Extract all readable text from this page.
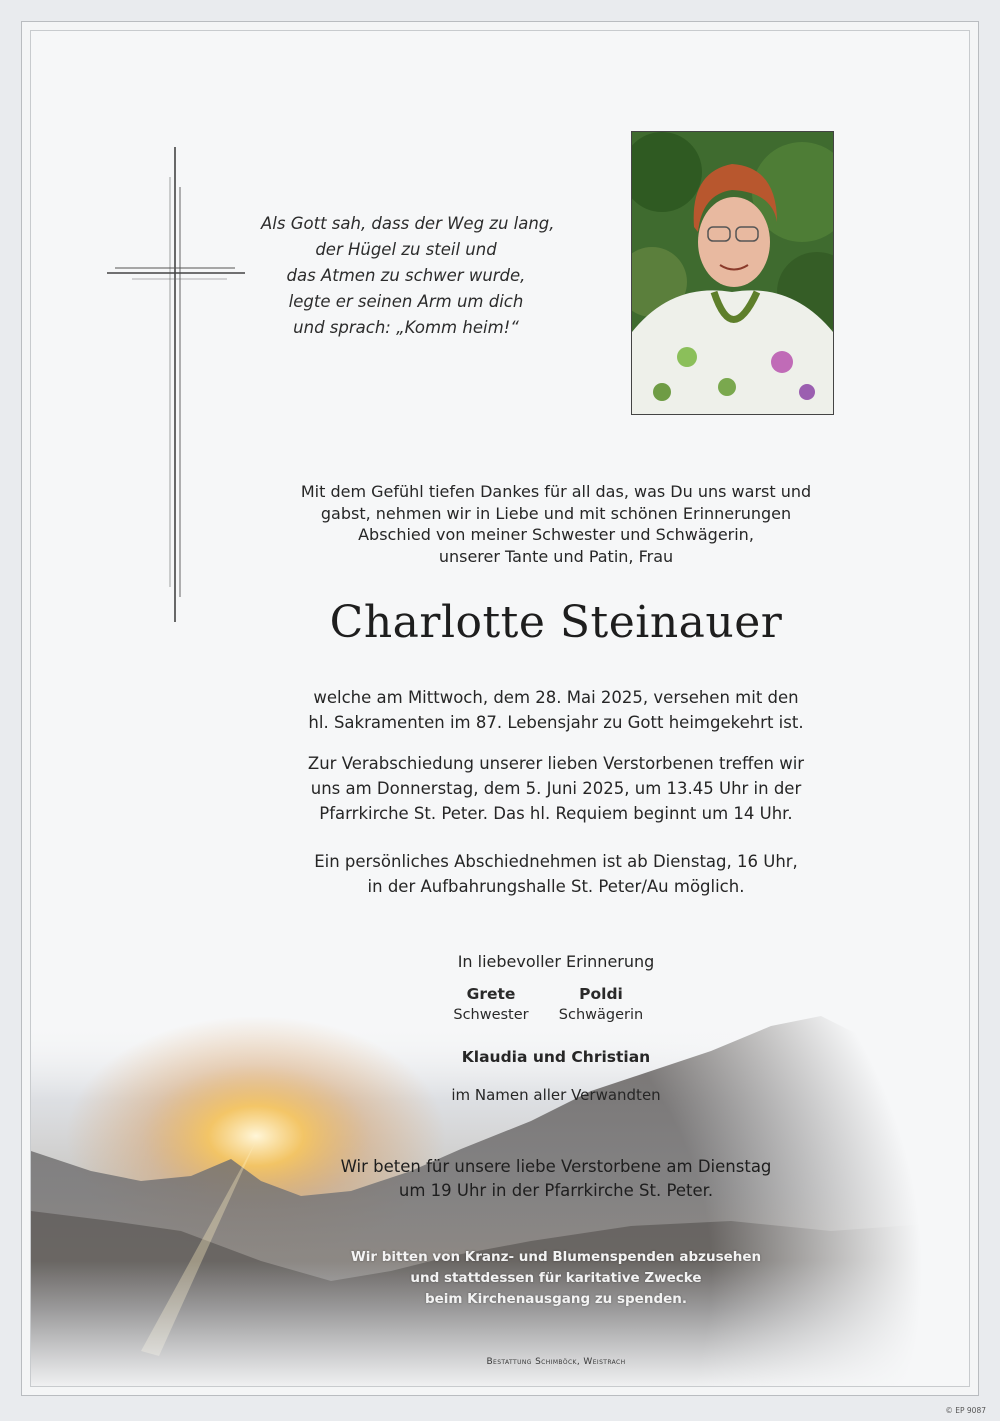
Als Gott sah, dass der Weg zu lang,
der Hügel zu steil und
das Atmen zu schwer wurde,
legte er seinen Arm um dich
und sprach: „Komm heim!“
Mit dem Gefühl tiefen Dankes für all das, was Du uns warst und
gabst, nehmen wir in Liebe und mit schönen Erinnerungen
Abschied von meiner Schwester und Schwägerin,
unserer Tante und Patin, Frau
Charlotte Steinauer
welche am Mittwoch, dem 28. Mai 2025, versehen mit den
hl. Sakramenten im 87. Lebensjahr zu Gott heimgekehrt ist.
Zur Verabschiedung unserer lieben Verstorbenen treffen wir
uns am Donnerstag, dem 5. Juni 2025, um 13.45 Uhr in der
Pfarrkirche St. Peter. Das hl. Requiem beginnt um 14 Uhr.
Ein persönliches Abschiednehmen ist ab Dienstag, 16 Uhr,
in der Aufbahrungshalle St. Peter/Au möglich.
In liebevoller Erinnerung
Grete
Schwester
Poldi
Schwägerin
Klaudia und Christian
im Namen aller Verwandten
Wir beten für unsere liebe Verstorbene am Dienstag
um 19 Uhr in der Pfarrkirche St. Peter.
Wir bitten von Kranz- und Blumenspenden abzusehen
und stattdessen für karitative Zwecke
beim Kirchenausgang zu spenden.
Bestattung Schimböck, Weistrach
© EP 9087
